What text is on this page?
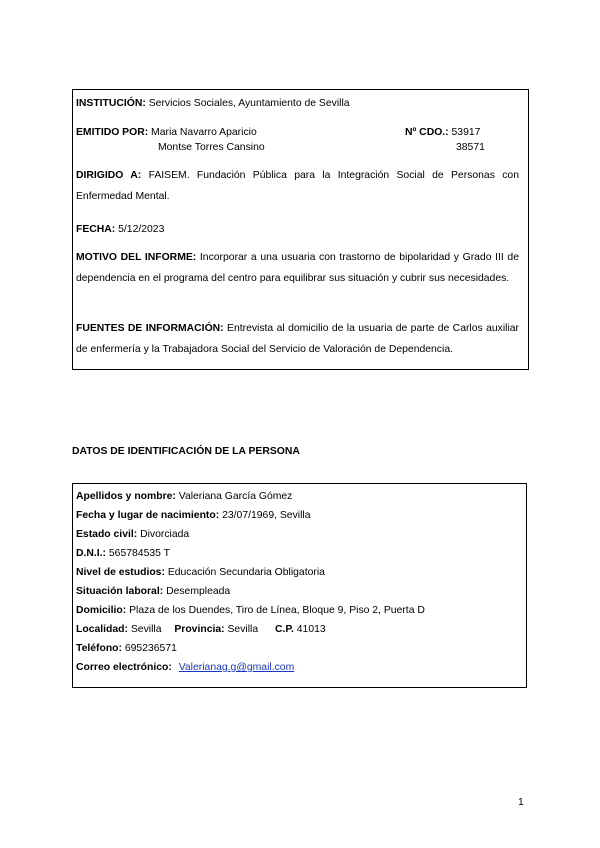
INSTITUCIÓN: Servicios Sociales, Ayuntamiento de Sevilla
EMITIDO POR: Maria Navarro Aparicio
Montse Torres Cansino
Nº CDO.: 53917
38571
DIRIGIDO A: FAISEM. Fundación Pública para la Integración Social de Personas con Enfermedad Mental.
FECHA: 5/12/2023
MOTIVO DEL INFORME: Incorporar a una usuaria con trastorno de bipolaridad y Grado III de dependencia en el programa del centro para equilibrar sus situación y cubrir sus necesidades.
FUENTES DE INFORMACIÓN: Entrevista al domicilio de la usuaria de parte de Carlos auxiliar de enfermería y la Trabajadora Social del Servicio de Valoración de Dependencia.
DATOS DE IDENTIFICACIÓN DE LA PERSONA
Apellidos y nombre: Valeriana García Gómez
Fecha y lugar de nacimiento: 23/07/1969, Sevilla
Estado civil: Divorciada
D.N.I.: 565784535 T
Nivel de estudios: Educación Secundaria Obligatoria
Situación laboral: Desempleada
Domicilio: Plaza de los Duendes, Tiro de Línea, Bloque 9, Piso 2, Puerta D
Localidad: Sevilla Provincia: Sevilla C.P. 41013
Teléfono: 695236571
Correo electrónico: Valerianag.g@gmail.com
1
